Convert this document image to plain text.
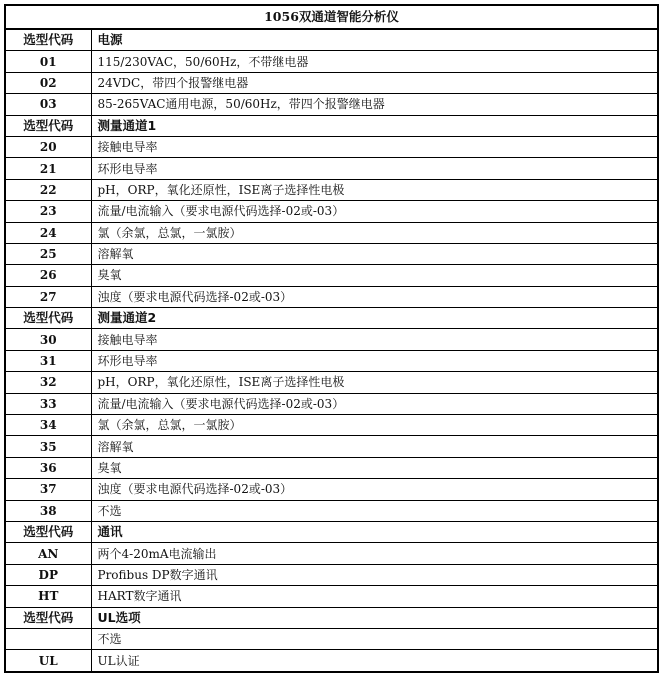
1056双通道智能分析仪	
选型代码	电源
01	115/230VAC，50/60Hz，不带继电器
02	24VDC，带四个报警继电器
03	85-265VAC通用电源，50/60Hz，带四个报警继电器
选型代码	测量通道1
20	接触电导率
21	环形电导率
22	pH，ORP，氧化还原性，ISE离子选择性电极
23	流量/电流输入（要求电源代码选择-02或-03）
24	氯（余氯，总氯，一氯胺）
25	溶解氧
26	臭氧
27	浊度（要求电源代码选择-02或-03）
选型代码	测量通道2
30	接触电导率
31	环形电导率
32	pH，ORP，氧化还原性，ISE离子选择性电极
33	流量/电流输入（要求电源代码选择-02或-03）
34	氯（余氯，总氯，一氯胺）
35	溶解氧
36	臭氧
37	浊度（要求电源代码选择-02或-03）
38	不选
选型代码	通讯
AN	两个4-20mA电流输出
DP	Profibus DP数字通讯
HT	HART数字通讯
选型代码	UL选项
	不选
UL	UL认证
